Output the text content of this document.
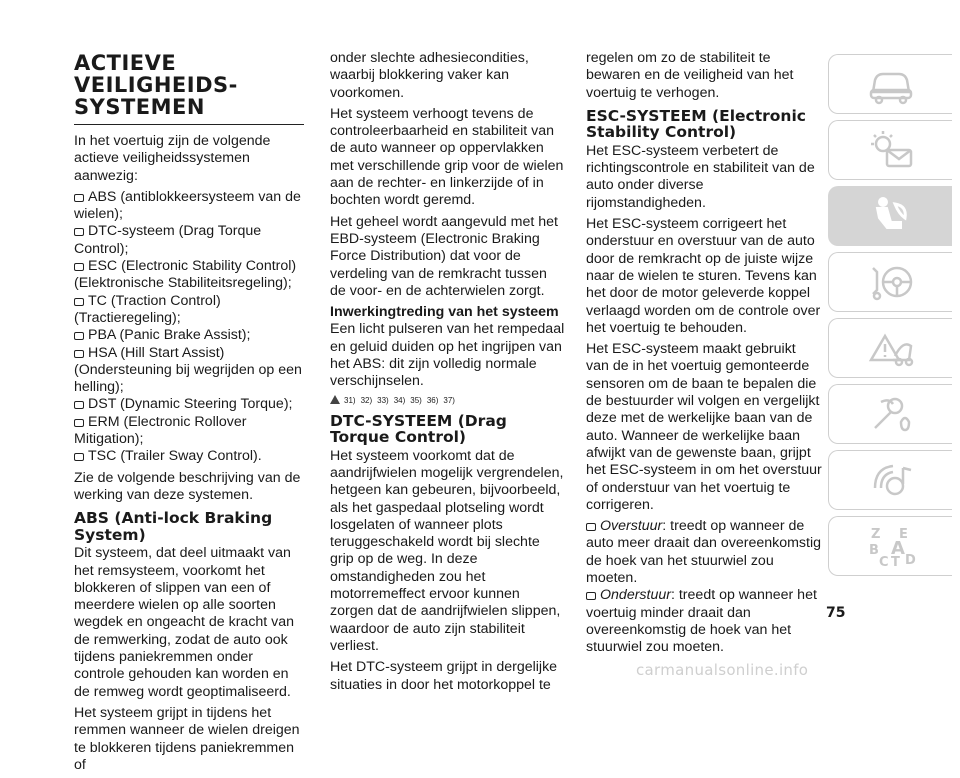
ACTIEVE
VEILIGHEIDS-
SYSTEMEN

In het voertuig zijn de volgende actieve veiligheidssystemen aanwezig:

ABS (antiblokkeersysteem van de wielen);
DTC-systeem (Drag Torque Control);
ESC (Electronic Stability Control) (Elektronische Stabiliteitsregeling);
TC (Traction Control) (Tractieregeling);
PBA (Panic Brake Assist);
HSA (Hill Start Assist) (Ondersteuning bij wegrijden op een helling);
DST (Dynamic Steering Torque);
ERM (Electronic Rollover Mitigation);
TSC (Trailer Sway Control).

Zie de volgende beschrijving van de werking van deze systemen.

ABS (Anti-lock Braking System)

Dit systeem, dat deel uitmaakt van het remsysteem, voorkomt het blokkeren of slippen van een of meerdere wielen op alle soorten wegdek en ongeacht de kracht van de remwerking, zodat de auto ook tijdens paniekremmen onder controle gehouden kan worden en de remweg wordt geoptimaliseerd.

Het systeem grijpt in tijdens het remmen wanneer de wielen dreigen te blokkeren tijdens paniekremmen of

onder slechte adhesiecondities, waarbij blokkering vaker kan voorkomen.

Het systeem verhoogt tevens de controleerbaarheid en stabiliteit van de auto wanneer op oppervlakken met verschillende grip voor de wielen aan de rechter- en linkerzijde of in bochten wordt geremd.

Het geheel wordt aangevuld met het EBD-systeem (Electronic Braking Force Distribution) dat voor de verdeling van de remkracht tussen de voor- en de achterwielen zorgt.

Inwerkingtreding van het systeem

Een licht pulseren van het rempedaal en geluid duiden op het ingrijpen van het ABS: dit zijn volledig normale verschijnselen.

31) 32) 33) 34) 35) 36) 37)
DTC-SYSTEEM (Drag Torque Control)

Het systeem voorkomt dat de aandrijfwielen mogelijk vergrendelen, hetgeen kan gebeuren, bijvoorbeeld, als het gaspedaal plotseling wordt losgelaten of wanneer plots teruggeschakeld wordt bij slechte grip op de weg. In deze omstandigheden zou het motorremeffect ervoor kunnen zorgen dat de aandrijfwielen slippen, waardoor de auto zijn stabiliteit verliest.

Het DTC-systeem grijpt in dergelijke situaties in door het motorkoppel te

regelen om zo de stabiliteit te bewaren en de veiligheid van het voertuig te verhogen.

ESC-SYSTEEM (Electronic Stability Control)

Het ESC-systeem verbetert de richtingscontrole en stabiliteit van de auto onder diverse rijomstandigheden.

Het ESC-systeem corrigeert het onderstuur en overstuur van de auto door de remkracht op de juiste wijze naar de wielen te sturen. Tevens kan het door de motor geleverde koppel verlaagd worden om de controle over het voertuig te behouden.

Het ESC-systeem maakt gebruikt van de in het voertuig gemonteerde sensoren om de baan te bepalen die de bestuurder wil volgen en vergelijkt deze met de werkelijke baan van de auto. Wanneer de werkelijke baan afwijkt van de gewenste baan, grijpt het ESC-systeem in om het overstuur of onderstuur van het voertuig te corrigeren.

Overstuur: treedt op wanneer de auto meer draait dan overeenkomstig de hoek van het stuurwiel zou moeten.
Onderstuur: treedt op wanneer het voertuig minder draait dan overeenkomstig de hoek van het stuurwiel zou moeten.
Z E
B A
C T D
75
carmanualsonline.info
